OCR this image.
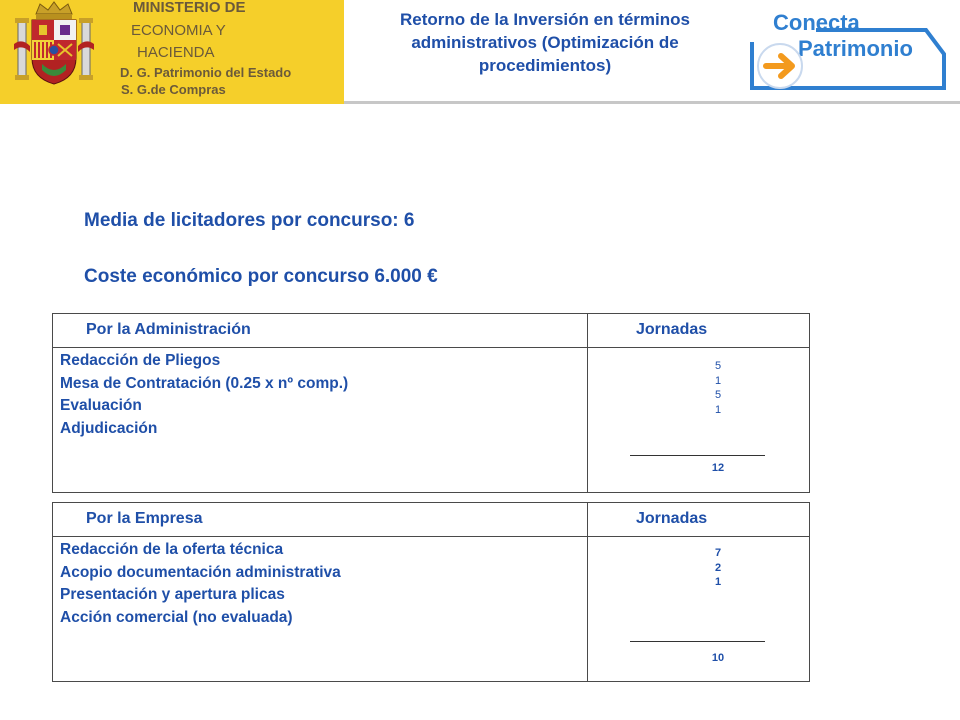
MINISTERIO DE
ECONOMIA Y
HACIENDA
D. G. Patrimonio del Estado
S. G.de Compras
Retorno de la Inversión en términos administrativos (Optimización de procedimientos)
Conecta
Patrimonio
Media de licitadores por concurso: 6
Coste económico por concurso 6.000 €
Por la Administración	Jornadas
Redacción de Pliegos
Mesa de Contratación (0.25 x nº comp.)
Evaluación
Adjudicación
5
1
5
1
12
Por la Empresa	Jornadas
Redacción de la oferta técnica
Acopio documentación administrativa
Presentación y apertura plicas
Acción comercial (no evaluada)
7
2
1
10
